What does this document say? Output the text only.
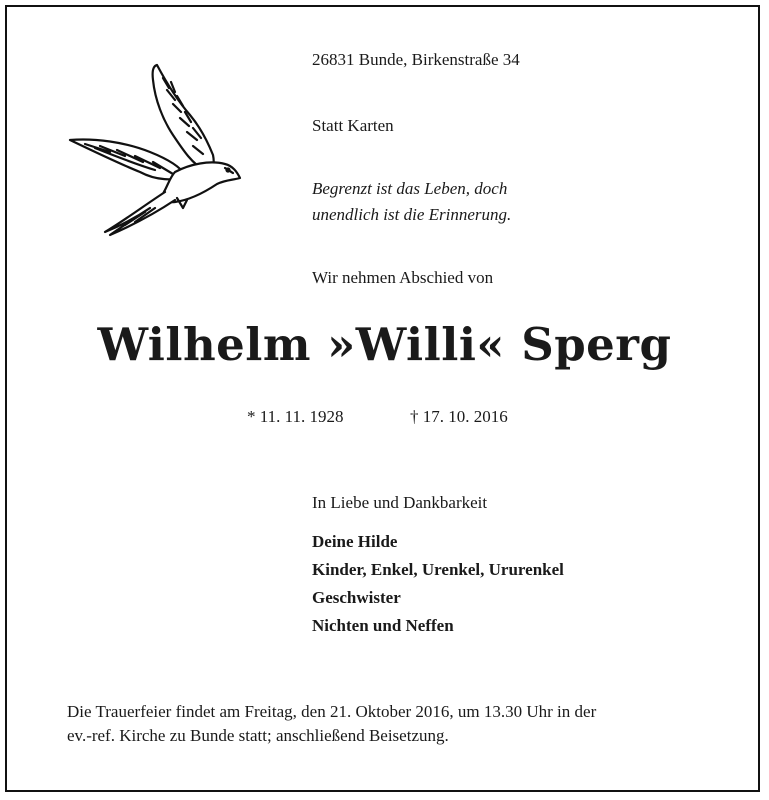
26831 Bunde, Birkenstraße 34
Statt Karten
Begrenzt ist das Leben, doch
unendlich ist die Erinnerung.
Wir nehmen Abschied von
Wilhelm »Willi« Sperg
* 11. 11. 1928	† 17. 10. 2016
In Liebe und Dankbarkeit
Deine Hilde
Kinder, Enkel, Urenkel, Ururenkel
Geschwister
Nichten und Neffen
Die Trauerfeier findet am Freitag, den 21. Oktober 2016, um 13.30 Uhr in der
ev.-ref. Kirche zu Bunde statt; anschließend Beisetzung.
